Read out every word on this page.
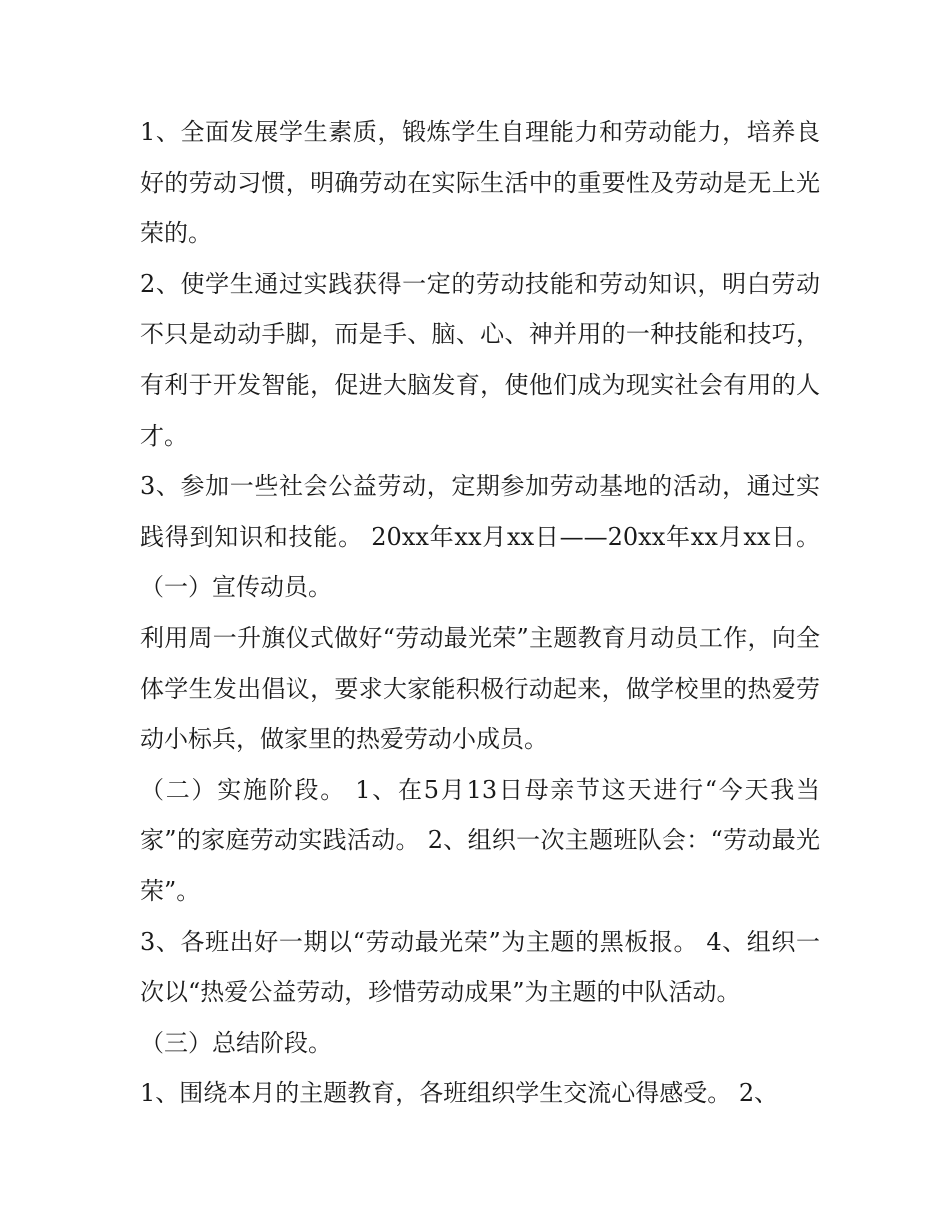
1、全面发展学生素质，锻炼学生自理能力和劳动能力，培养良好的劳动习惯，明确劳动在实际生活中的重要性及劳动是无上光荣的。

2、使学生通过实践获得一定的劳动技能和劳动知识，明白劳动不只是动动手脚，而是手、脑、心、神并用的一种技能和技巧，有利于开发智能，促进大脑发育，使他们成为现实社会有用的人才。

3、参加一些社会公益劳动，定期参加劳动基地的活动，通过实践得到知识和技能。 20xx年xx月xx日——20xx年xx月xx日。（一）宣传动员。

利用周一升旗仪式做好“劳动最光荣”主题教育月动员工作，向全体学生发出倡议，要求大家能积极行动起来，做学校里的热爱劳动小标兵，做家里的热爱劳动小成员。

（二）实施阶段。 1、在5月13日母亲节这天进行“今天我当家”的家庭劳动实践活动。 2、组织一次主题班队会：“劳动最光荣”。

3、各班出好一期以“劳动最光荣”为主题的黑板报。 4、组织一次以“热爱公益劳动，珍惜劳动成果”为主题的中队活动。

（三）总结阶段。

1、围绕本月的主题教育，各班组织学生交流心得感受。 2、
